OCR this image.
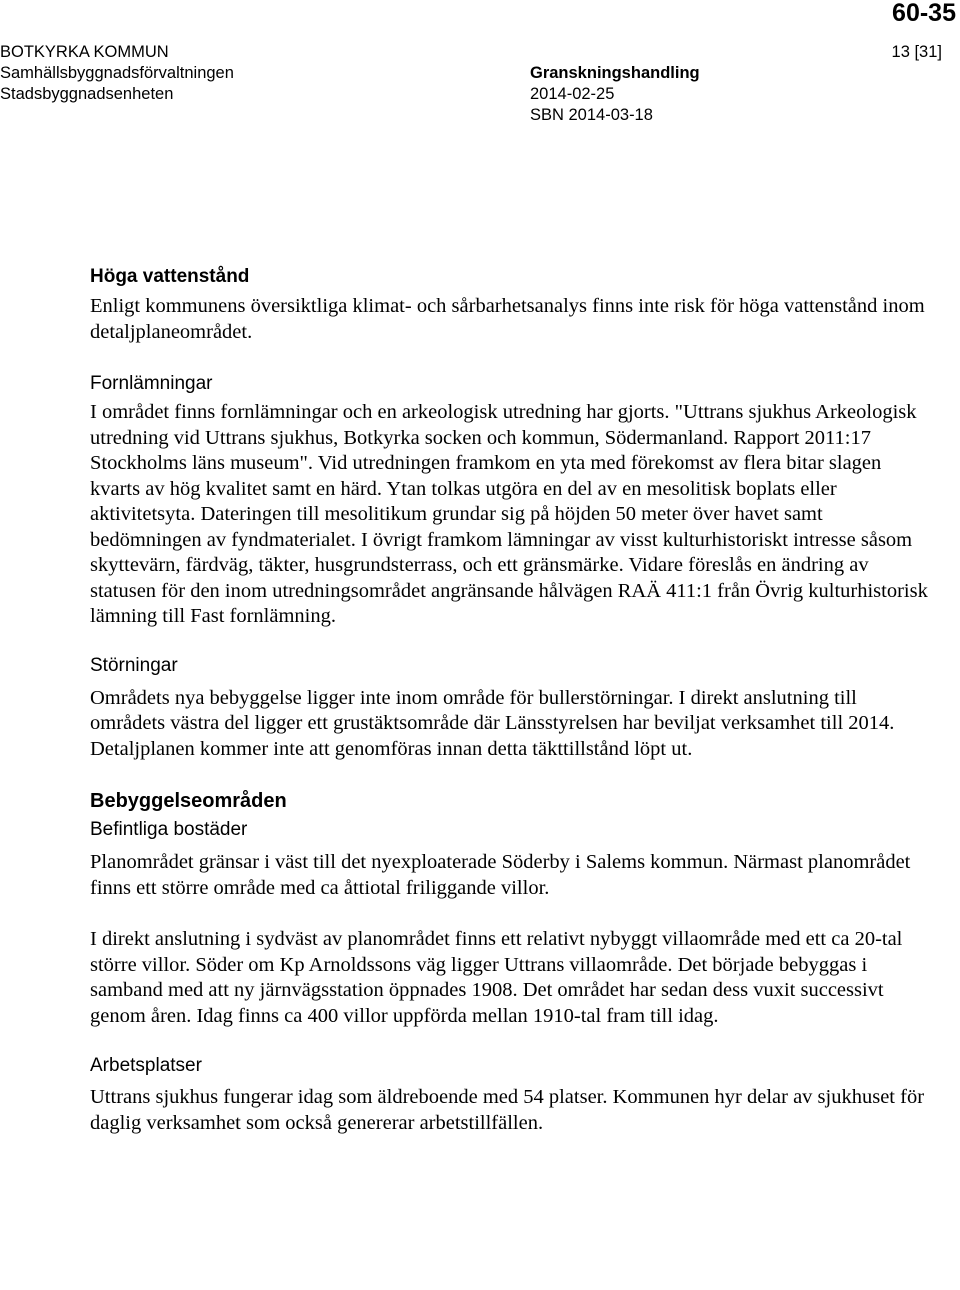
60-35
BOTKYRKA KOMMUN
Samhällsbyggnadsförvaltningen
Stadsbyggnadsenheten
Granskningshandling
2014-02-25
SBN 2014-03-18
13 [31]
Höga vattenstånd

Enligt kommunens översiktliga klimat- och sårbarhetsanalys finns inte risk för höga vattenstånd inom detaljplaneområdet.

Fornlämningar

I området finns fornlämningar och en arkeologisk utredning har gjorts. "Uttrans sjukhus Arkeologisk utredning vid Uttrans sjukhus, Botkyrka socken och kommun, Södermanland. Rapport 2011:17 Stockholms läns museum". Vid utredningen framkom en yta med förekomst av flera bitar slagen kvarts av hög kvalitet samt en härd. Ytan tolkas utgöra en del av en mesolitisk boplats eller aktivitetsyta. Dateringen till mesolitikum grundar sig på höjden 50 meter över havet samt bedömningen av fyndmaterialet. I övrigt framkom lämningar av visst kulturhistoriskt intresse såsom skyttevärn, färdväg, täkter, husgrundsterrass, och ett gränsmärke. Vidare föreslås en ändring av statusen för den inom utredningsområdet angränsande hålvägen RAÄ 411:1 från Övrig kulturhistorisk lämning till Fast fornlämning.

Störningar

Områdets nya bebyggelse ligger inte inom område för bullerstörningar. I direkt anslutning till områdets västra del ligger ett grustäktsområde där Länsstyrelsen har beviljat verksamhet till 2014. Detaljplanen kommer inte att genomföras innan detta täkttillstånd löpt ut.

Bebyggelseområden
Befintliga bostäder

Planområdet gränsar i väst till det nyexploaterade Söderby i Salems kommun. Närmast planområdet finns ett större område med ca åttiotal friliggande villor.

I direkt anslutning i sydväst av planområdet finns ett relativt nybyggt villaområde med ett ca 20-tal större villor. Söder om Kp Arnoldssons väg ligger Uttrans villaområde. Det började bebyggas i samband med att ny järnvägsstation öppnades 1908. Det området har sedan dess vuxit successivt genom åren. Idag finns ca 400 villor uppförda mellan 1910-tal fram till idag.

Arbetsplatser

Uttrans sjukhus fungerar idag som äldreboende med 54 platser. Kommunen hyr delar av sjukhuset för daglig verksamhet som också genererar arbetstillfällen.
